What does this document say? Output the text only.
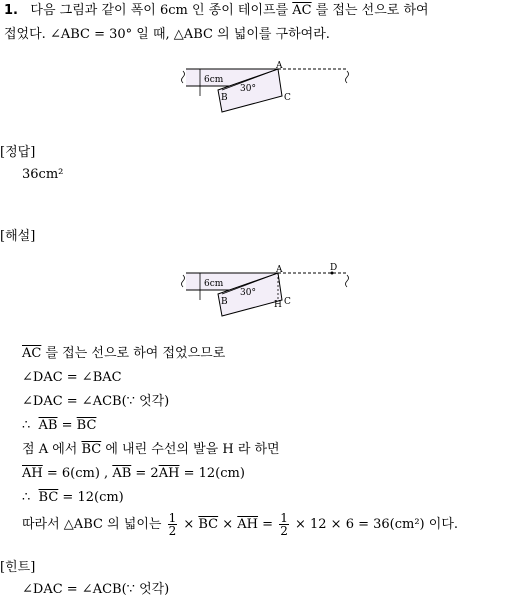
1. 다음 그림과 같이 폭이 6cm 인 종이 테이프를 $\overline{AC}$ 를 접는 선으로 하여
접었다. ∠ABC = 30° 일 때, △ABC 의 넓이를 구하여라.
6cm
30°
A
B	C
[정답]
36cm²
[해설]
6cm
30°
A
B	C
D
H
$\overline{AC}$ 를 접는 선으로 하여 접었으므로
∠DAC = ∠BAC
∠DAC = ∠ACB(∵ 엇각)
∴  $\overline{AB} = \overline{BC}$
점 A 에서 $\overline{BC}$ 에 내린 수선의 발을 H 라 하면
$\overline{AH} = 6(cm)$ , $\overline{AB} = 2\overline{AH} = 12(cm)$
∴  $\overline{BC} = 12(cm)$
따라서 △ABC 의 넓이는 $\frac{1}{2} \times \overline{BC} \times \overline{AH} = \frac{1}{2} \times 12 \times 6 = 36(cm^2)$ 이다.
[힌트]
∠DAC = ∠ACB(∵ 엇각)
